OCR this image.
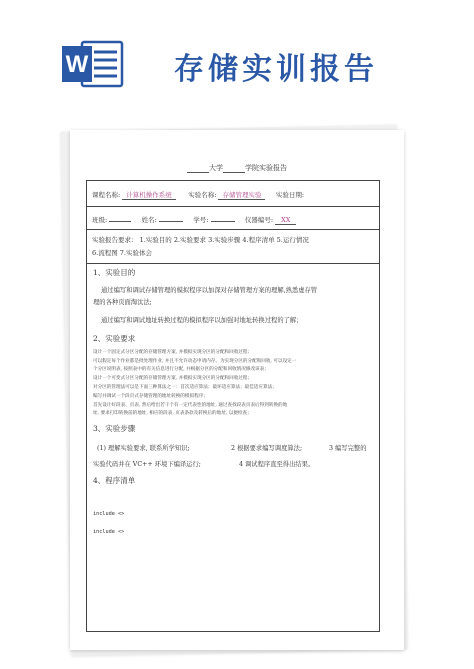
W	存储实训报告
大学	学院实验报告
课程名称: 计算机操作系统	实验名称: 存储管理实验 实验日期:
班级:	姓名:	学号:	仪器编号: XX
实验报告要求： 1.实验目的 2.实验要求 3.实验步骤 4.程序清单 5.运行情况
6.流程图 7.实验体会
1、实验目的
通过编写和调试存储管理的模拟程序以加深对存储管理方案的理解,熟悉虚存管
理的各种页面淘汰法;
通过编写和调试地址转换过程的模拟程序以加强对地址转换过程的了解；
2、实验要求
设计一个固定式分区分配的存储管理方案, 并模拟实现分区的分配和回收过程；
可以假定每个作业都是批处理作业, 并且不允许动态申请内存。为实现分区的分配和回收, 可以设定一
个分区说明表, 按照表中的有关信息进行分配, 并根据分区的分配和回收情况修改该表；
设计一个可变式分区分配的存储管理方案, 并模拟实现分区的分配和回收过程；
对分区的管理法可以是下面三种算法之一：首次适应算法；最坏适应算法；最佳适应算法；
编写并调试一个段页式存储管理的地址转换的模拟程序；
首先设计好段表、页表, 然后给出若干个有一定代表性的地址, 通过查找段表页表后得到转换的地
址, 要求打印转换前的地址, 相应的段表, 页表条款及转换后的地址, 以便检查；
3、实验步骤
(1) 理解实验要求, 联系所学知识;	2 根据要求编写调度算法;	3 编写完整的
实验代码并在 VC++ 环境下编译运行;	4 调试程序直至得出结果。
4、程序清单
include <>
include <>
